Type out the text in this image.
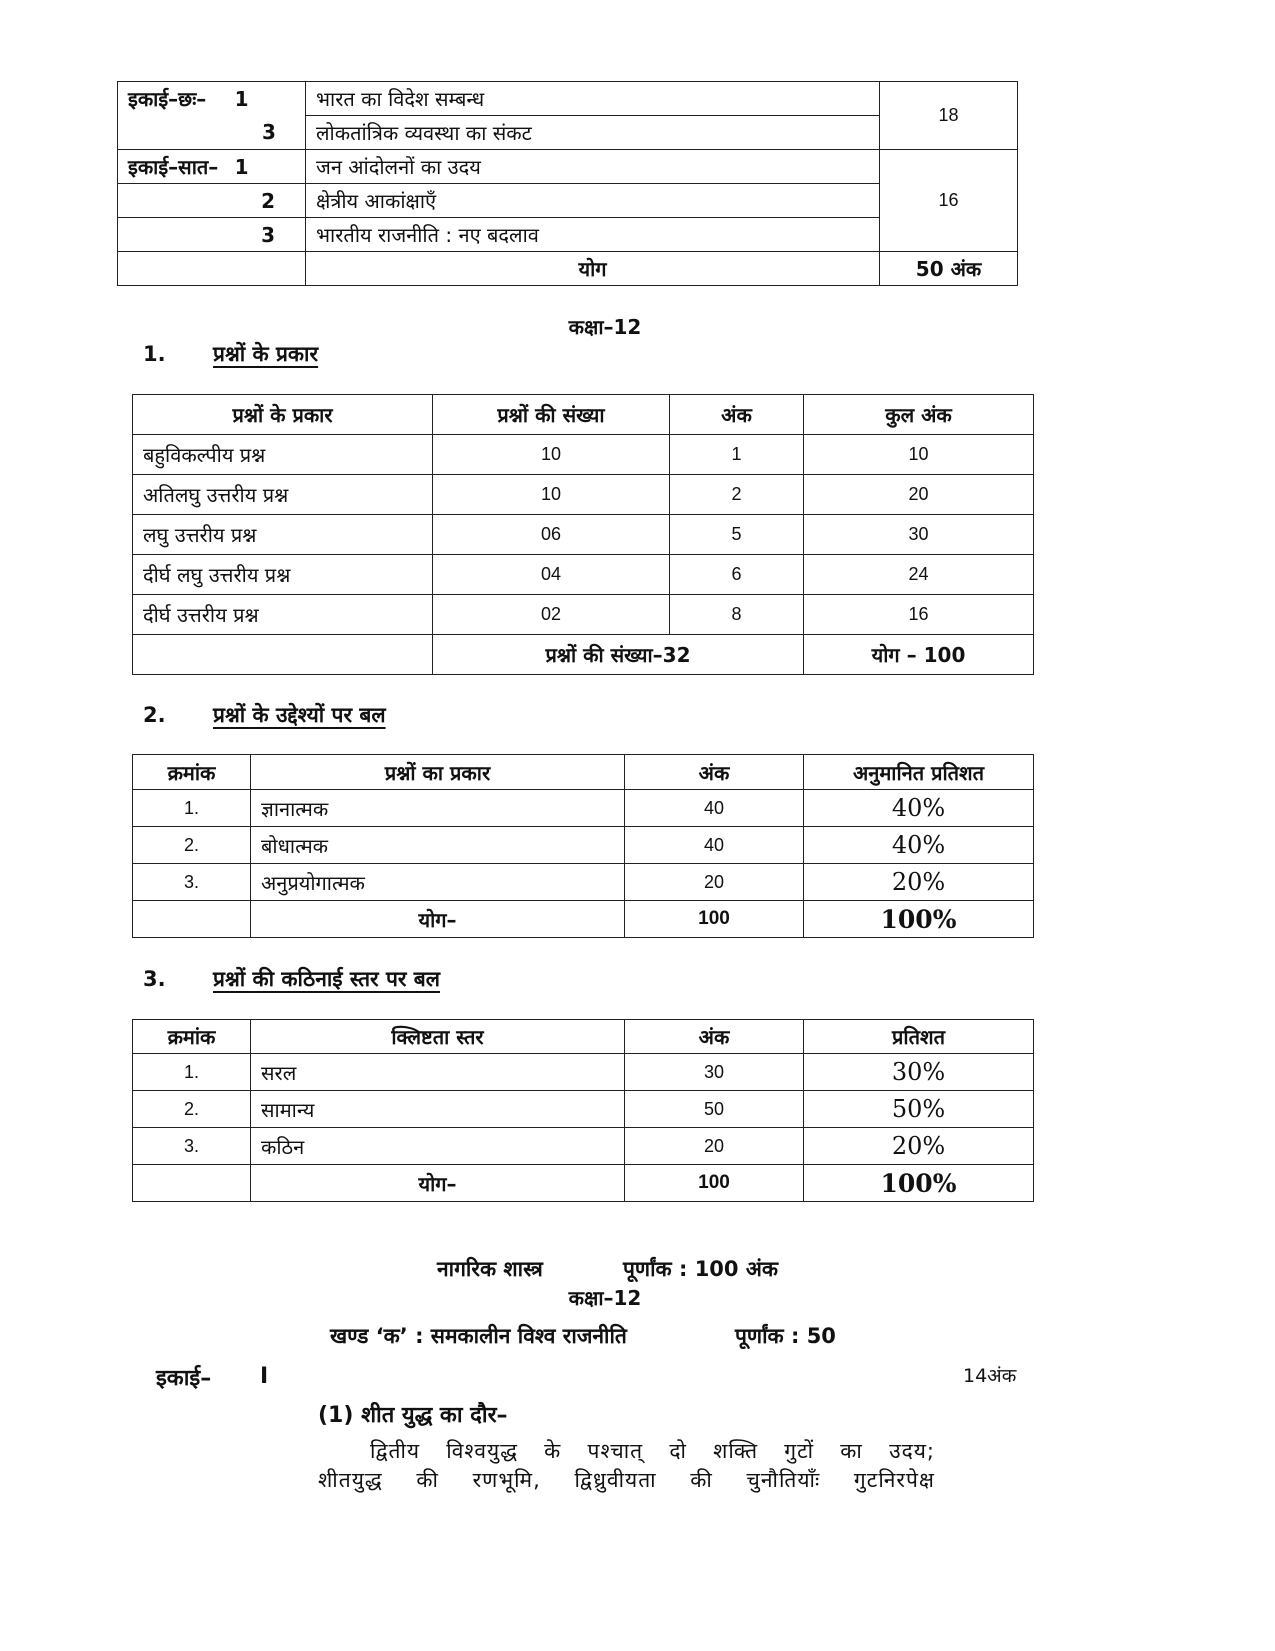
इकाई–छः– 1	भारत का विदेश सम्बन्ध	18
3	लोकतांत्रिक व्यवस्था का संकट	
इकाई–सात– 1	जन आंदोलनों का उदय	16
2	क्षेत्रीय आकांक्षाएँ	
3	भारतीय राजनीति : नए बदलाव	
	योग	50 अंक
कक्षा–12
1. प्रश्नों के प्रकार
प्रश्नों के प्रकार	प्रश्नों की संख्या	अंक	कुल अंक
बहुविकल्पीय प्रश्न	10	1	10
अतिलघु उत्तरीय प्रश्न	10	2	20
लघु उत्तरीय प्रश्न	06	5	30
दीर्घ लघु उत्तरीय प्रश्न	04	6	24
दीर्घ उत्तरीय प्रश्न	02	8	16
	प्रश्नों की संख्या–32		योग – 100
2. प्रश्नों के उद्देश्यों पर बल
क्रमांक	प्रश्नों का प्रकार	अंक	अनुमानित प्रतिशत
1.	ज्ञानात्मक	40	40%
2.	बोधात्मक	40	40%
3.	अनुप्रयोगात्मक	20	20%
	योग–	100	100%
3. प्रश्नों की कठिनाई स्तर पर बल
क्रमांक	क्लिष्टता स्तर	अंक	प्रतिशत
1.	सरल	30	30%
2.	सामान्य	50	50%
3.	कठिन	20	20%
	योग–	100	100%
नागरिक शास्त्र	पूर्णांक : 100 अंक
कक्षा–12
खण्ड ‘क’ : समकालीन विश्व राजनीति	पूर्णांक : 50
इकाई– I	14अंक
(1) शीत युद्ध का दौर–
द्वितीय विश्वयुद्ध के पश्चात् दो शक्ति गुटों का उदय;
शीतयुद्ध की रणभूमि, द्विध्रुवीयता की चुनौतियाँः गुटनिरपेक्ष
